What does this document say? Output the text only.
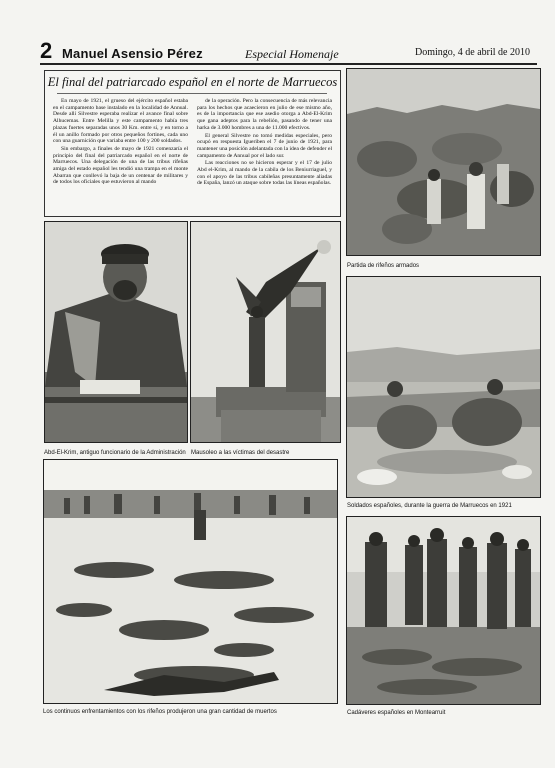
2 Manuel Asensio Pérez	Especial Homenaje	Domingo, 4 de abril de 2010
El final del patriarcado español en el norte de Marruecos

En mayo de 1921, el grueso del ejército español estaba en el campamento base instalado en la localidad de Annual. Desde allí Silvestre esperaba realizar el avance final sobre Alhucemas. Entre Melilla y este campamento había tres plazas fuertes separadas unos 30 Km. entre sí, y en torno a él un anillo formado por otros pequeños fortines, cada uno con una guarnición que variaba entre 100 y 200 soldados.

Sin embargo, a finales de mayo de 1921 comenzaría el principio del final del patriarcado español en el norte de Marruecos. Una delegación de una de las tribus rifeñas amiga del estado español les tendió una trampa en el monte Abarran que conllevó la baja de un centenar de militares y de todos los oficiales que estuvieron al mando

de la operación. Pero la consecuencia de más relevancia para los hechos que acaecieron en julio de ese mismo año, es de la importancia que ese asedio otorga a Abd-El-Krim que gana adeptos para la rebelión, pasando de tener una harka de 3.000 hombres a una de 11.000 efectivos.

El general Silvestre no tomó medidas especiales, pero ocupó en respuesta Igueriben el 7 de junio de 1921, para mantener una posición adelantada con la idea de defender el campamento de Annual por el lado sur.

Las reacciones no se hicieron esperar y el 17 de julio Abd el-Krim, al mando de la cabila de los Beniurriaguel, y con el apoyo de las tribus cabileñas presuntamente aliadas de España, lanzó un ataque sobre todas las líneas españolas.

Partida de rifeños armados
Abd-El-Krim, antiguo funcionario de la Administración Mausoleo a las víctimas del desastre
Soldados españoles, durante la guerra de Marruecos en 1921
Los continuos enfrentamientos con los rifeños produjeron una gran cantidad de muertos	Cadáveres españoles en Montearruit
